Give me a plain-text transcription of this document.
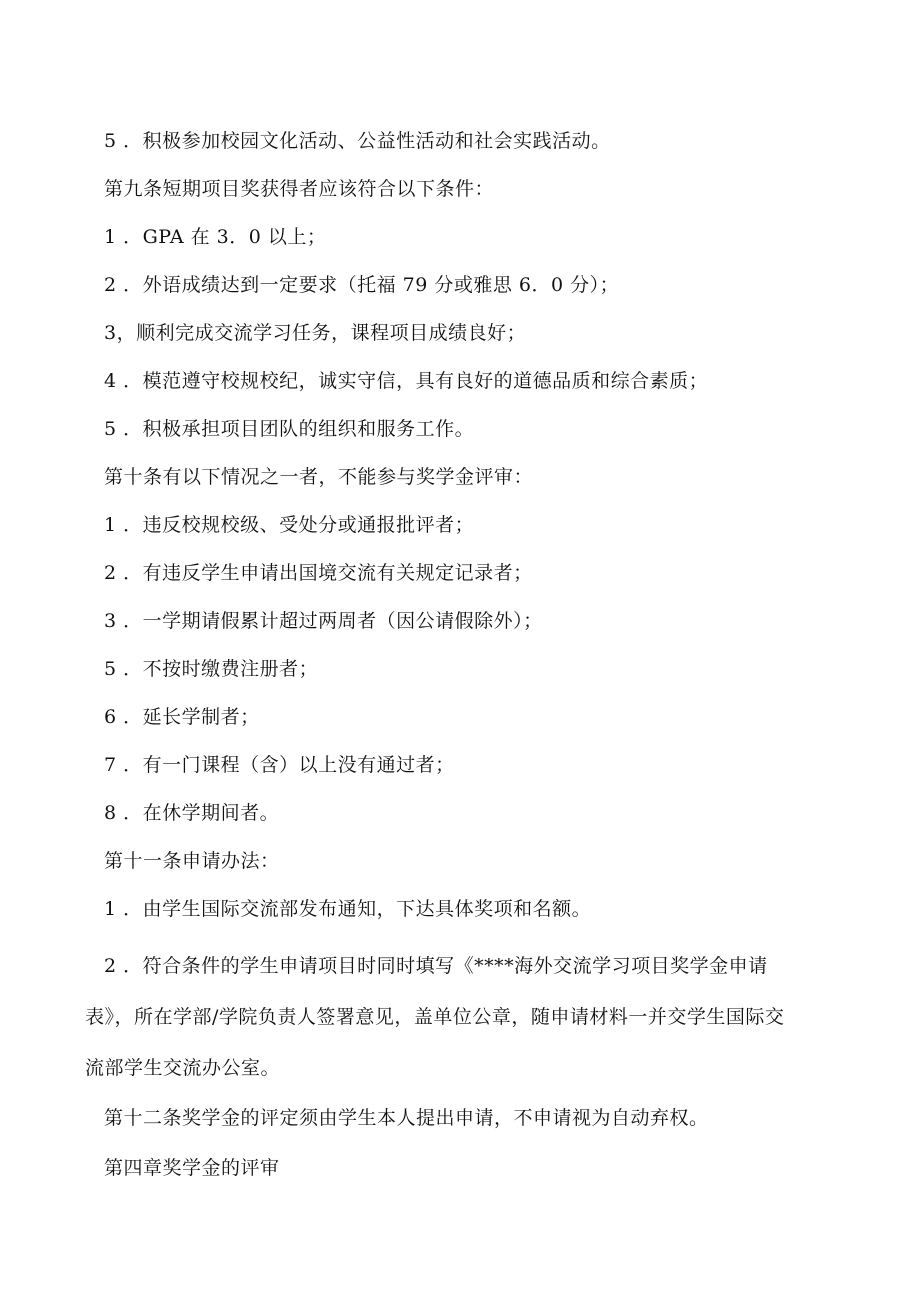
5 ．积极参加校园文化活动、公益性活动和社会实践活动。

第九条短期项目奖获得者应该符合以下条件：

1 ．GPA 在 3．0 以上；

2 ．外语成绩达到一定要求（托福 79 分或雅思 6．0 分）；

3，顺利完成交流学习任务，课程项目成绩良好；

4 ．模范遵守校规校纪，诚实守信，具有良好的道德品质和综合素质；

5 ．积极承担项目团队的组织和服务工作。

第十条有以下情况之一者，不能参与奖学金评审：

1 ．违反校规校级、受处分或通报批评者；

2 ．有违反学生申请出国境交流有关规定记录者；

3 ．一学期请假累计超过两周者（因公请假除外）；

5 ．不按时缴费注册者；

6 ．延长学制者；

7 ．有一门课程（含）以上没有通过者；

8 ．在休学期间者。

第十一条申请办法：

1 ．由学生国际交流部发布通知，下达具体奖项和名额。

2 ．符合条件的学生申请项目时同时填写《****海外交流学习项目奖学金申请

表》，所在学部/学院负责人签署意见，盖单位公章，随申请材料一并交学生国际交

流部学生交流办公室。

第十二条奖学金的评定须由学生本人提出申请，不申请视为自动弃权。

第四章奖学金的评审
